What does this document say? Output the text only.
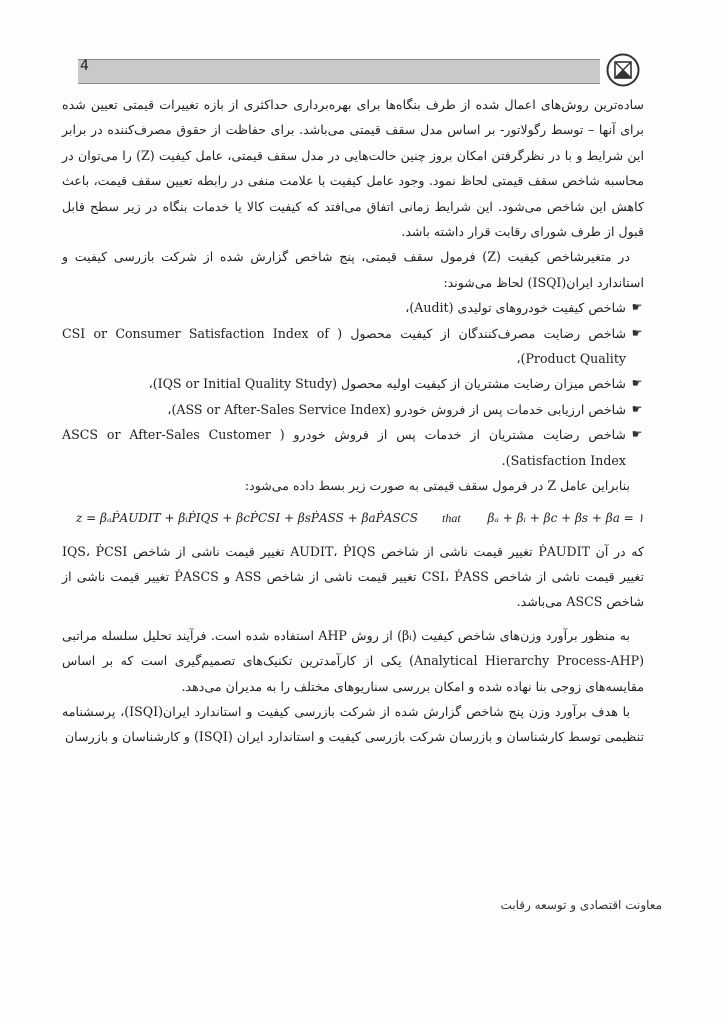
4

ساده‌ترین روش‌های اعمال شده از طرف بنگاه‌ها برای بهره‌برداری حداکثری از بازه تغییرات قیمتی تعیین شده برای آنها – توسط رگولاتور- بر اساس مدل سقف قیمتی می‌باشد. برای حفاظت از حقوق مصرف‌کننده در برابر این شرایط و با در نظرگرفتن امکان بروز چنین حالت‌هایی در مدل سقف قیمتی، عامل کیفیت (Z) را می‌توان در محاسبه شاخص سقف قیمتی لحاظ نمود. وجود عامل کیفیت با علامت منفی در رابطه تعیین سقف قیمت، باعث کاهش این شاخص می‌شود. این شرایط زمانی اتفاق می‌افتد که کیفیت کالا یا خدمات بنگاه در زیر سطح قابل قبول از طرف شورای رقابت قرار داشته باشد.

در متغیرشاخص کیفیت (Z) فرمول سقف قیمتی، پنج شاخص گزارش شده از شرکت بازرسی کیفیت و استاندارد ایران(ISQI) لحاظ می‌شوند:

☛
شاخص کیفیت خودروهای تولیدی (Audit)،
☛
شاخص رضایت مصرف‌کنندگان از کیفیت محصول ( CSI or Consumer Satisfaction Index of Product Quality)،
☛
شاخص میزان رضایت مشتریان از کیفیت اولیه محصول (IQS or Initial Quality Study)،
☛
شاخص ارزیابی خدمات پس از فروش خودرو (ASS or After-Sales Service Index)،
☛
شاخص رضایت مشتریان از خدمات پس از فروش خودرو ( ASCS or After-Sales Customer Satisfaction Index).

بنابراین عامل Z در فرمول سقف قیمتی به صورت زیر بسط داده می‌شود:

z = βₐṖAUDIT + βᵢṖIQS + βcṖCSI + βsṖASS + βaṖASCS that βₐ + βᵢ + βc + βs + βa = ۱

که در آن ṖAUDIT تغییر قیمت ناشی از شاخص AUDIT، ṖIQS تغییر قیمت ناشی از شاخص IQS، ṖCSI تغییر قیمت ناشی از شاخص CSI، ṖASS تغییر قیمت ناشی از شاخص ASS و ṖASCS تغییر قیمت ناشی از شاخص ASCS می‌باشد.

به منظور برآورد وزن‌های شاخص کیفیت (βᵢ) از روش AHP استفاده شده است. فرآیند تحلیل سلسله مراتبی (Analytical Hierarchy Process-AHP) یکی از کارآمدترین تکنیک‌های تصمیم‌گیری است که بر اساس مقایسه‌های زوجی بنا نهاده شده و امکان بررسی سناریوهای مختلف را به مدیران می‌دهد.

با هدف برآورد وزن پنج شاخص گزارش شده از شرکت بازرسی کیفیت و استاندارد ایران(ISQI)، پرسشنامه تنظیمی توسط کارشناسان و بازرسان شرکت بازرسی کیفیت و استاندارد ایران (ISQI) و کارشناسان و بازرسان

معاونت اقتصادی و توسعه رقابت
